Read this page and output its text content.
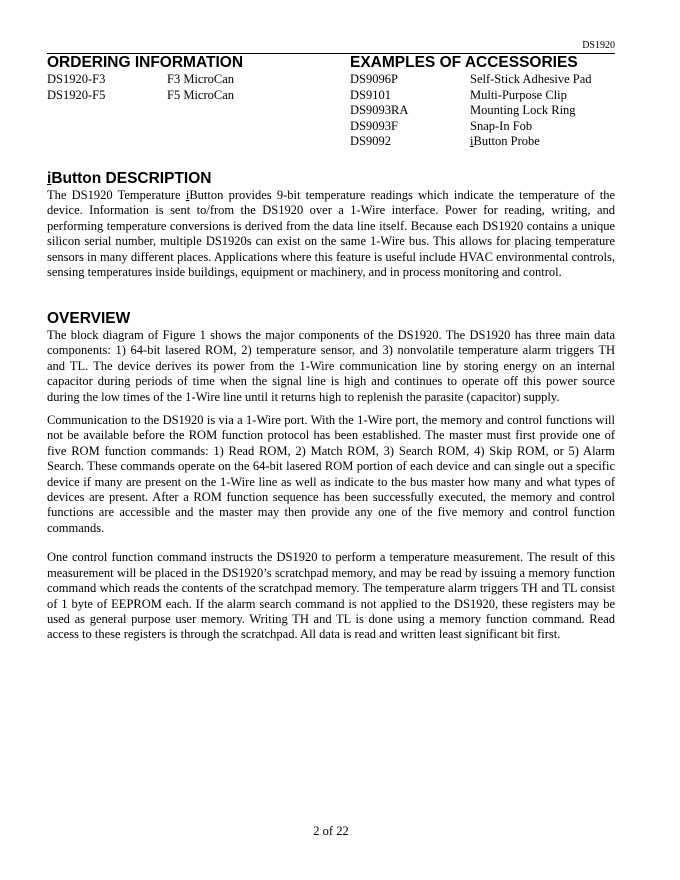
DS1920
ORDERING INFORMATION
DS1920-F3	F3 MicroCan
DS1920-F5	F5 MicroCan
EXAMPLES OF ACCESSORIES
DS9096P	Self-Stick Adhesive Pad
DS9101	Multi-Purpose Clip
DS9093RA	Mounting Lock Ring
DS9093F	Snap-In Fob
DS9092	iButton Probe
iButton DESCRIPTION

The DS1920 Temperature iButton provides 9-bit temperature readings which indicate the temperature of the device. Information is sent to/from the DS1920 over a 1-Wire interface. Power for reading, writing, and performing temperature conversions is derived from the data line itself. Because each DS1920 contains a unique silicon serial number, multiple DS1920s can exist on the same 1-Wire bus. This allows for placing temperature sensors in many different places. Applications where this feature is useful include HVAC environmental controls, sensing temperatures inside buildings, equipment or machinery, and in process monitoring and control.

OVERVIEW

The block diagram of Figure 1 shows the major components of the DS1920. The DS1920 has three main data components: 1) 64-bit lasered ROM, 2) temperature sensor, and 3) nonvolatile temperature alarm triggers TH and TL. The device derives its power from the 1-Wire communication line by storing energy on an internal capacitor during periods of time when the signal line is high and continues to operate off this power source during the low times of the 1-Wire line until it returns high to replenish the parasite (capacitor) supply.

Communication to the DS1920 is via a 1-Wire port. With the 1-Wire port, the memory and control functions will not be available before the ROM function protocol has been established. The master must first provide one of five ROM function commands: 1) Read ROM, 2) Match ROM, 3) Search ROM, 4) Skip ROM, or 5) Alarm Search. These commands operate on the 64-bit lasered ROM portion of each device and can single out a specific device if many are present on the 1-Wire line as well as indicate to the bus master how many and what types of devices are present. After a ROM function sequence has been successfully executed, the memory and control functions are accessible and the master may then provide any one of the five memory and control function commands.

One control function command instructs the DS1920 to perform a temperature measurement. The result of this measurement will be placed in the DS1920’s scratchpad memory, and may be read by issuing a memory function command which reads the contents of the scratchpad memory. The temperature alarm triggers TH and TL consist of 1 byte of EEPROM each. If the alarm search command is not applied to the DS1920, these registers may be used as general purpose user memory. Writing TH and TL is done using a memory function command. Read access to these registers is through the scratchpad. All data is read and written least significant bit first.

2 of 22
